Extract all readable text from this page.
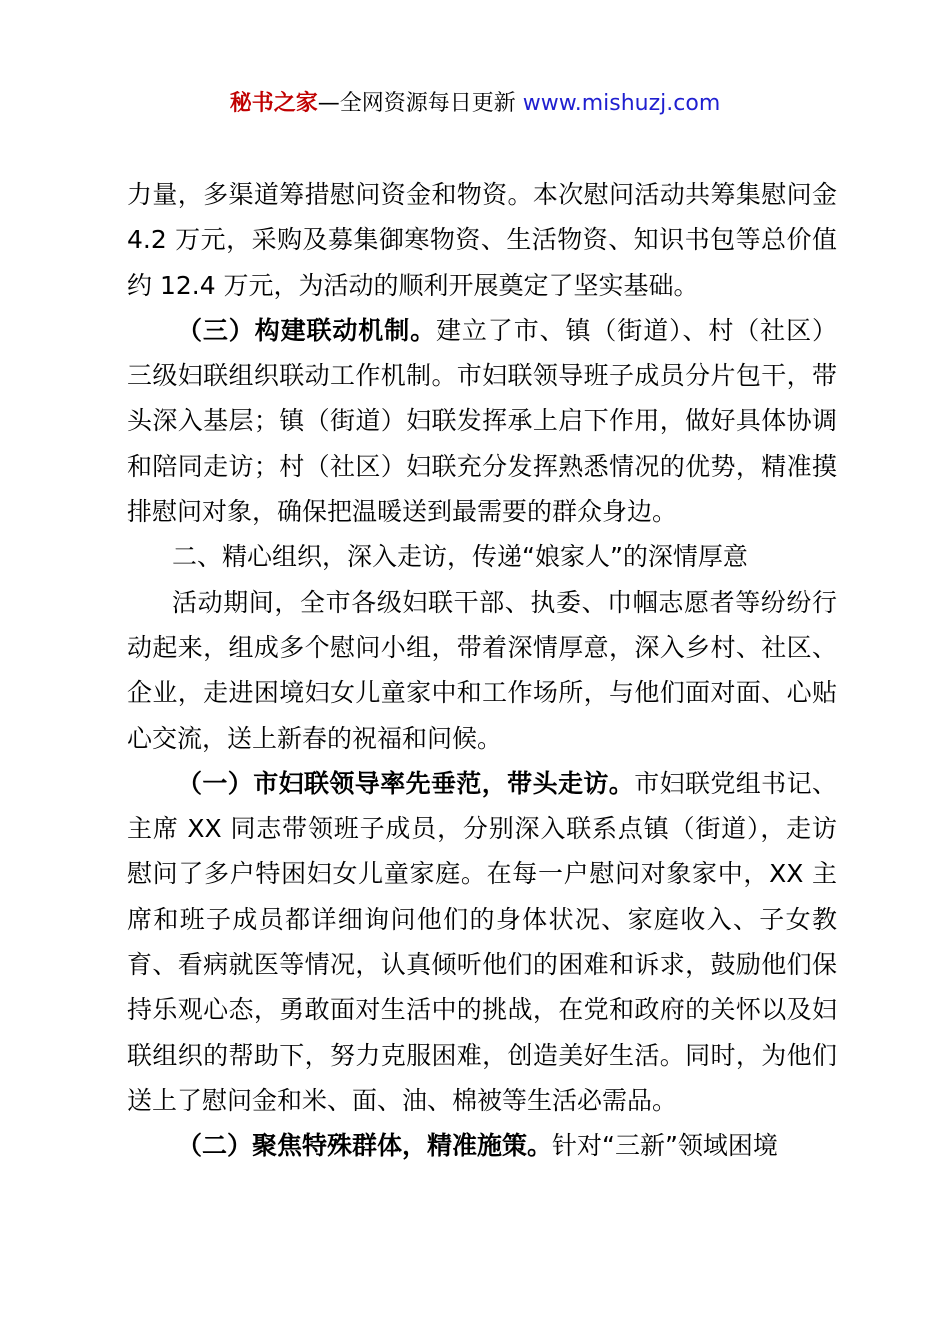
秘书之家—全网资源每日更新 www.mishuzj.com

力量，多渠道筹措慰问资金和物资。本次慰问活动共筹集慰问金 4.2 万元，采购及募集御寒物资、生活物资、知识书包等总价值约 12.4 万元，为活动的顺利开展奠定了坚实基础。

（三）构建联动机制。建立了市、镇（街道）、村（社区）三级妇联组织联动工作机制。市妇联领导班子成员分片包干，带头深入基层；镇（街道）妇联发挥承上启下作用，做好具体协调和陪同走访；村（社区）妇联充分发挥熟悉情况的优势，精准摸排慰问对象，确保把温暖送到最需要的群众身边。

二、精心组织，深入走访，传递“娘家人”的深情厚意

活动期间，全市各级妇联干部、执委、巾帼志愿者等纷纷行动起来，组成多个慰问小组，带着深情厚意，深入乡村、社区、企业，走进困境妇女儿童家中和工作场所，与他们面对面、心贴心交流，送上新春的祝福和问候。

（一）市妇联领导率先垂范，带头走访。市妇联党组书记、主席 XX 同志带领班子成员，分别深入联系点镇（街道），走访慰问了多户特困妇女儿童家庭。在每一户慰问对象家中，XX 主席和班子成员都详细询问他们的身体状况、家庭收入、子女教育、看病就医等情况，认真倾听他们的困难和诉求，鼓励他们保持乐观心态，勇敢面对生活中的挑战，在党和政府的关怀以及妇联组织的帮助下，努力克服困难，创造美好生活。同时，为他们送上了慰问金和米、面、油、棉被等生活必需品。

（二）聚焦特殊群体，精准施策。针对“三新”领域困境
